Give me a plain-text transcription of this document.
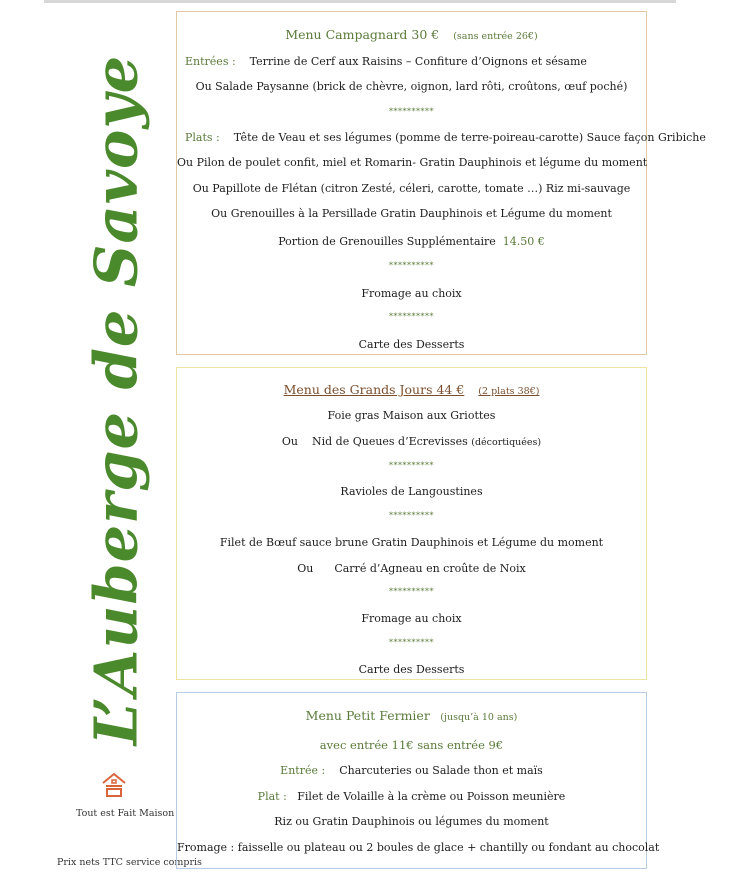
L’Auberge de Savoye
Tout est Fait Maison
Prix nets TTC service compris
Menu Campagnard 30 € (sans entrée 26€)
Entrées : Terrine de Cerf aux Raisins – Confiture d’Oignons et sésame
Ou Salade Paysanne (brick de chèvre, oignon, lard rôti, croûtons, œuf poché)
**********
Plats : Tête de Veau et ses légumes (pomme de terre-poireau-carotte) Sauce façon Gribiche
Ou Pilon de poulet confit, miel et Romarin- Gratin Dauphinois et légume du moment
Ou Papillote de Flétan (citron Zesté, céleri, carotte, tomate …) Riz mi-sauvage
Ou Grenouilles à la Persillade Gratin Dauphinois et Légume du moment
Portion de Grenouilles Supplémentaire 14.50 €
**********
Fromage au choix
**********
Carte des Desserts
Menu des Grands Jours 44 € (2 plats 38€)
Foie gras Maison aux Griottes
Ou Nid de Queues d’Ecrevisses (décortiquées)
**********
Ravioles de Langoustines
**********
Filet de Bœuf sauce brune Gratin Dauphinois et Légume du moment
Ou Carré d’Agneau en croûte de Noix
**********
Fromage au choix
**********
Carte des Desserts
Menu Petit Fermier (jusqu’à 10 ans)
avec entrée 11€ sans entrée 9€
Entrée : Charcuteries ou Salade thon et maïs
Plat : Filet de Volaille à la crème ou Poisson meunière
Riz ou Gratin Dauphinois ou légumes du moment
Fromage : faisselle ou plateau ou 2 boules de glace + chantilly ou fondant au chocolat
